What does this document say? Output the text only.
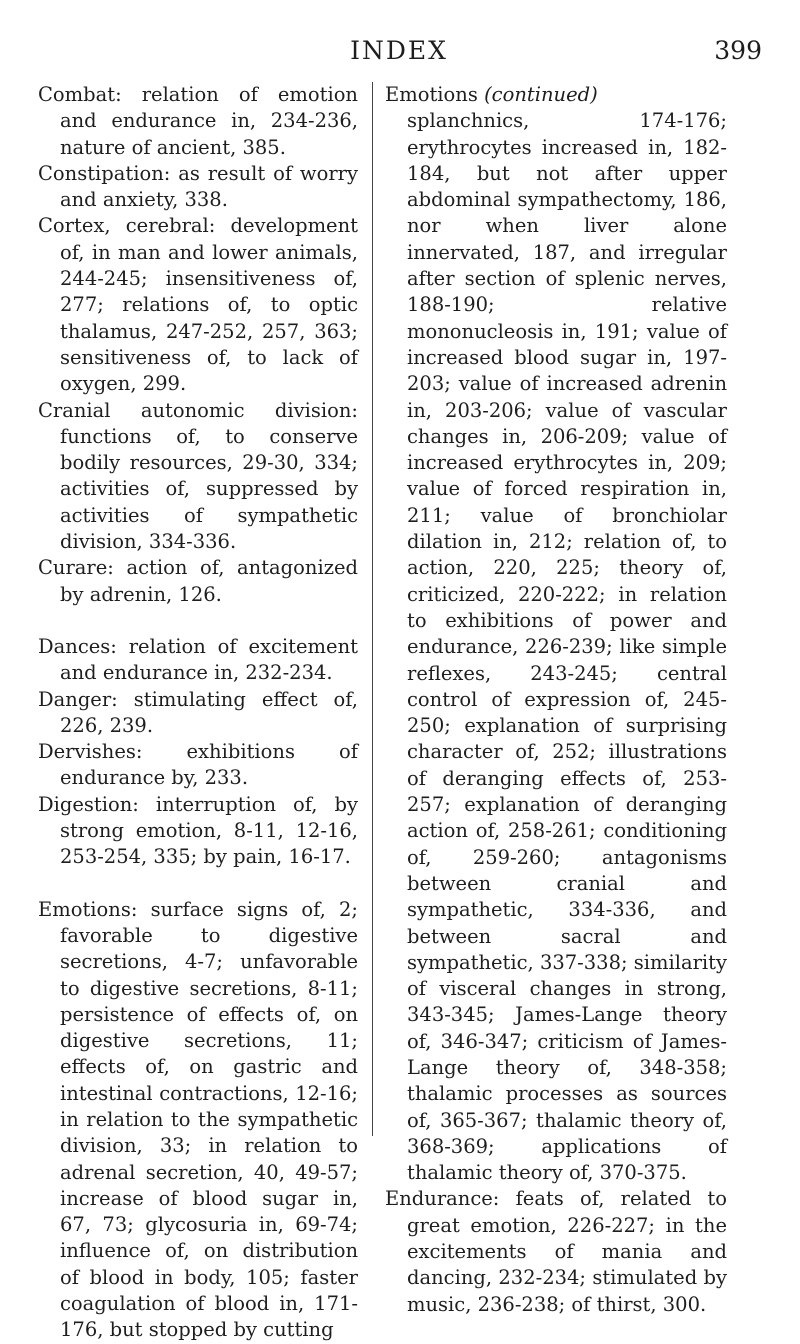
INDEX	399

Combat: relation of emotion and endurance in, 234-236, nature of ancient, 385.

Constipation: as result of worry and anxiety, 338.

Cortex, cerebral: development of, in man and lower animals, 244-245; insensitiveness of, 277; relations of, to optic thalamus, 247-252, 257, 363; sensitiveness of, to lack of oxygen, 299.

Cranial autonomic division: functions of, to conserve bodily resources, 29-30, 334; activities of, suppressed by activities of sympathetic division, 334-336.

Curare: action of, antagonized by adrenin, 126.

Dances: relation of excitement and endurance in, 232-234.

Danger: stimulating effect of, 226, 239.

Dervishes: exhibitions of endurance by, 233.

Digestion: interruption of, by strong emotion, 8-11, 12-16, 253-254, 335; by pain, 16-17.

Emotions: surface signs of, 2; favorable to digestive secretions, 4-7; unfavorable to digestive secretions, 8-11; persistence of effects of, on digestive secretions, 11; effects of, on gastric and intestinal contractions, 12-16; in relation to the sympathetic division, 33; in relation to adrenal secretion, 40, 49-57; increase of blood sugar in, 67, 73; glycosuria in, 69-74; influence of, on distribution of blood in body, 105; faster coagulation of blood in, 171-176, but stopped by cutting

Emotions (continued)

splanchnics, 174-176; erythrocytes increased in, 182-184, but not after upper abdominal sympathectomy, 186, nor when liver alone innervated, 187, and irregular after section of splenic nerves, 188-190; relative mononucleosis in, 191; value of increased blood sugar in, 197-203; value of increased adrenin in, 203-206; value of vascular changes in, 206-209; value of increased erythrocytes in, 209; value of forced respiration in, 211; value of bronchiolar dilation in, 212; relation of, to action, 220, 225; theory of, criticized, 220-222; in relation to exhibitions of power and endurance, 226-239; like simple reflexes, 243-245; central control of expression of, 245-250; explanation of surprising character of, 252; illustrations of deranging effects of, 253-257; explanation of deranging action of, 258-261; conditioning of, 259-260; antagonisms between cranial and sympathetic, 334-336, and between sacral and sympathetic, 337-338; similarity of visceral changes in strong, 343-345; James-Lange theory of, 346-347; criticism of James-Lange theory of, 348-358; thalamic processes as sources of, 365-367; thalamic theory of, 368-369; applications of thalamic theory of, 370-375.

Endurance: feats of, related to great emotion, 226-227; in the excitements of mania and dancing, 232-234; stimulated by music, 236-238; of thirst, 300.
